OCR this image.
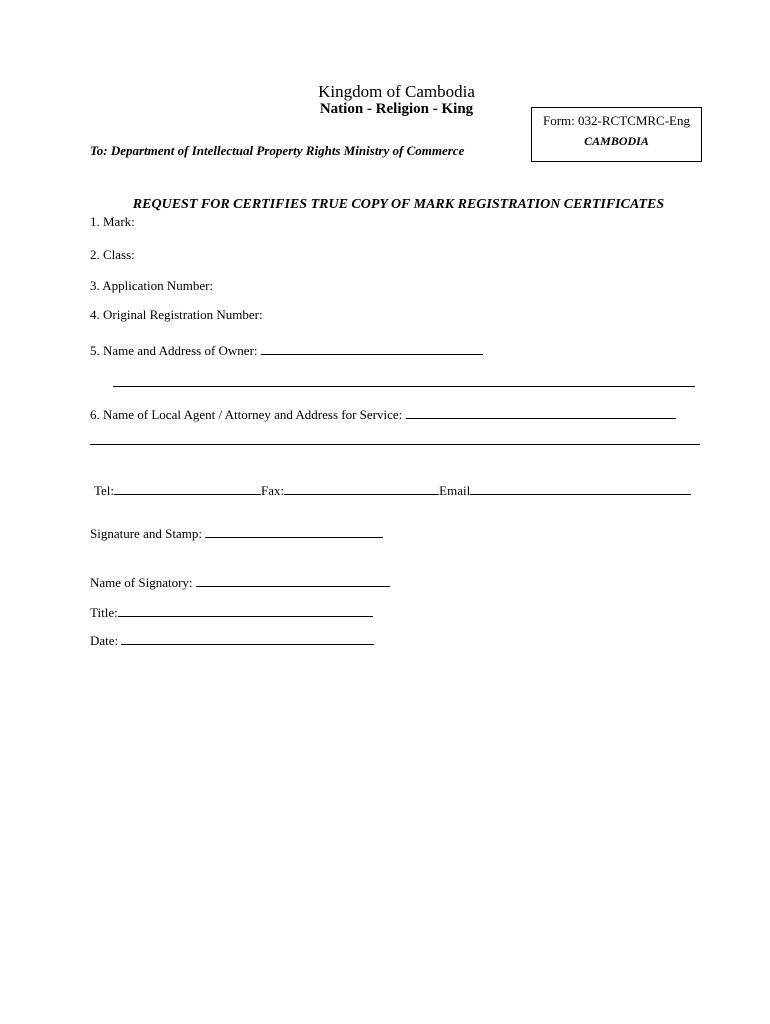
Kingdom of Cambodia
Nation - Religion - King
Form: 032-RCTCMRC-Eng
CAMBODIA
To: Department of Intellectual Property Rights Ministry of Commerce
REQUEST FOR CERTIFIES TRUE COPY OF MARK REGISTRATION CERTIFICATES
1. Mark:
2. Class:
3. Application Number:
4. Original Registration Number:
5. Name and Address of Owner:
6. Name of Local Agent / Attorney and Address for Service:
Tel:	Fax:	Email
Signature and Stamp:
Name of Signatory:
Title:
Date:
